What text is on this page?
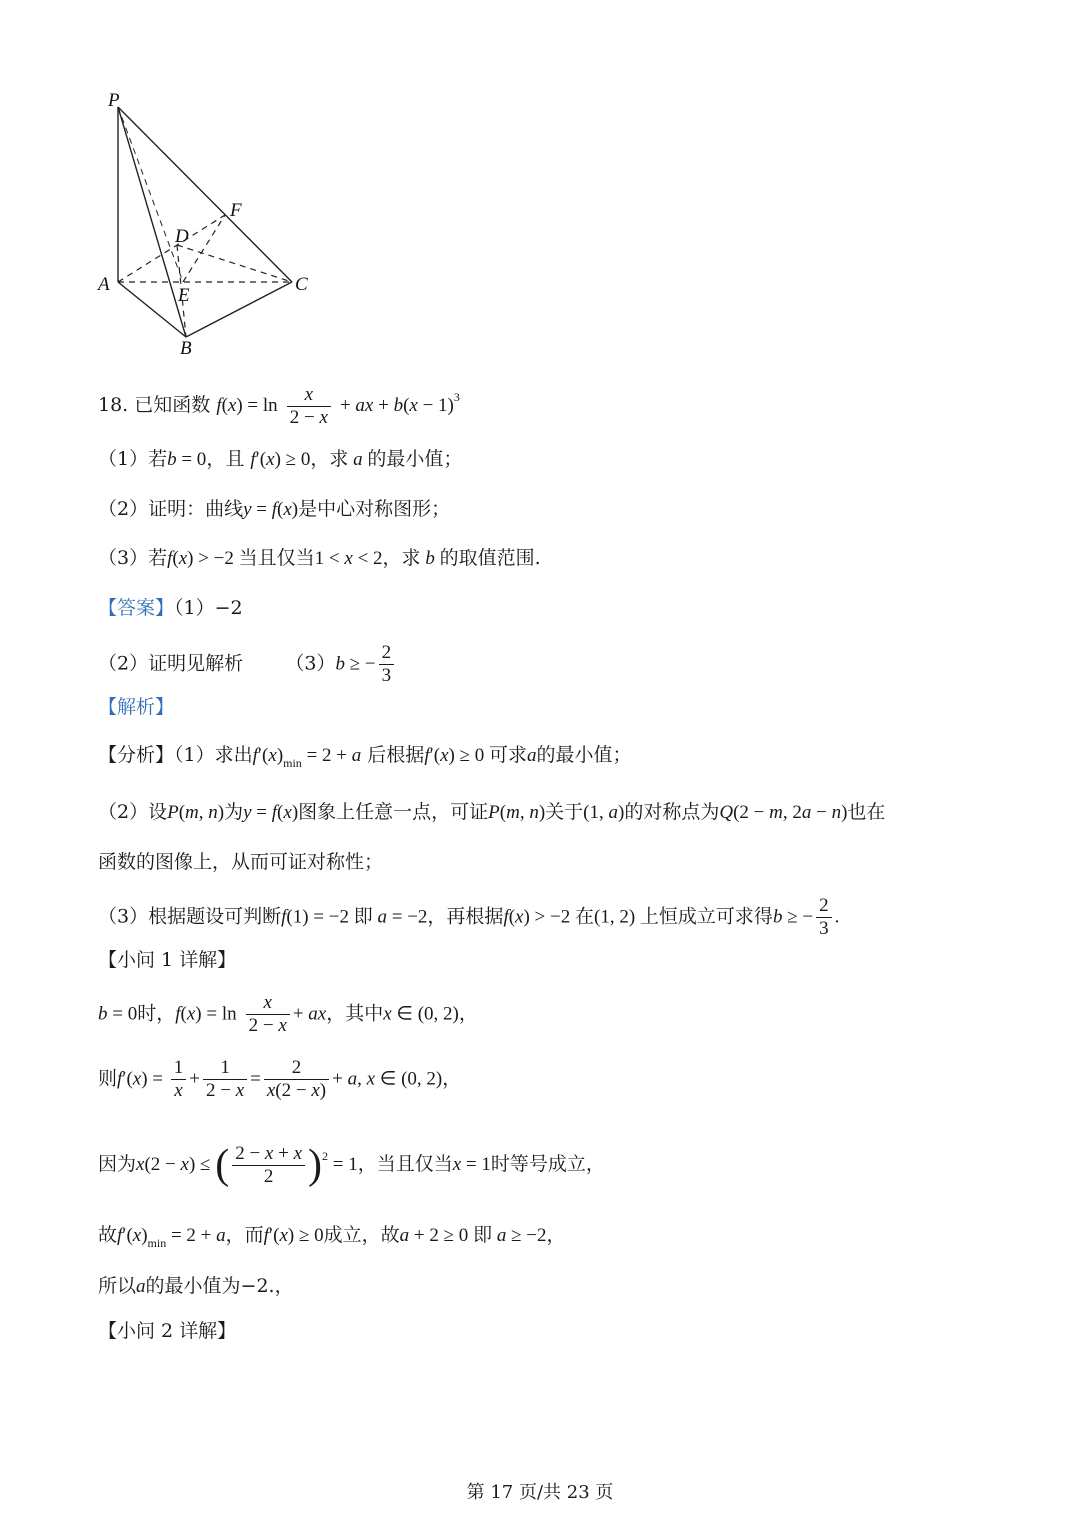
P
A
B
C
D
E
F
18. 已知函数 $f(x) = \ln \frac{x}{2 - x}$ + ax + $b(x - 1)^3$
（1）若b = 0，且 f′(x) ≥ 0，求 a 的最小值；
（2）证明：曲线y = f(x)是中心对称图形；
（3）若f(x) > −2 当且仅当1 < x < 2，求 b 的取值范围.
【答案】（1）−2
（2）证明见解析 （3）b ≥ − $\frac{2}{3}$
【解析】
【分析】（1）求出$f'(x)_{min} = 2 + a$ 后根据f′(x) ≥ 0 可求a的最小值；
（2）设P(m, n)为y = f(x)图象上任意一点，可证P(m, n)关于(1, a)的对称点为Q(2 − m, 2a − n)也在
函数的图像上，从而可证对称性；
（3）根据题设可判断f(1) = −2 即 a = −2，再根据f(x) > −2 在(1, 2) 上恒成立可求得b ≥ − $\frac{2}{3}$ .
【小问 1 详解】
b = 0时，$f(x) = \ln \frac{x}{2 - x}$ + ax，其中x ∈ (0, 2)，
则$f'(x) = \frac{1}{x} + \frac{1}{2 - x} = \frac{2}{x(2 - x)} + a$, x ∈ (0, 2)，
因为x(2 − x) ≤ ( $\frac{2 - x + x}{2} )^2 = 1$，当且仅当x = 1时等号成立，
故$f'(x)_{min} = 2 + a$，而f′(x) ≥ 0成立，故a + 2 ≥ 0 即 a ≥ −2，
所以a的最小值为−2.，
【小问 2 详解】
第 17 页/共 23 页
